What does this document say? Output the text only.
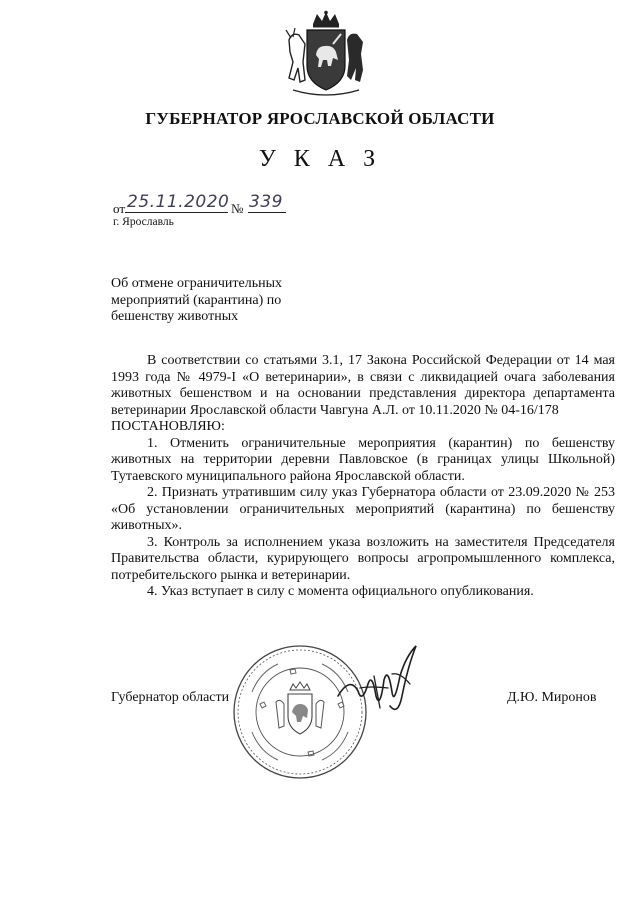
ГУБЕРНАТОР ЯРОСЛАВСКОЙ ОБЛАСТИ
У К А З
от 25.11.2020 № 339
г. Ярославль
Об отмене ограничительных
мероприятий (карантина) по
бешенству животных
В соответствии со статьями 3.1, 17 Закона Российской Федерации от 14 мая 1993 года № 4979-I «О ветеринарии», в связи с ликвидацией очага заболевания животных бешенством и на основании представления директора департамента ветеринарии Ярославской области Чавгуна А.Л. от 10.11.2020 № 04-16/178
ПОСТАНОВЛЯЮ:
1. Отменить ограничительные мероприятия (карантин) по бешенству животных на территории деревни Павловское (в границах улицы Школьной) Тутаевского муниципального района Ярославской области.
2. Признать утратившим силу указ Губернатора области от 23.09.2020 № 253 «Об установлении ограничительных мероприятий (карантина) по бешенству животных».
3. Контроль за исполнением указа возложить на заместителя Председателя Правительства области, курирующего вопросы агропромышленного комплекса, потребительского рынка и ветеринарии.
4. Указ вступает в силу с момента официального опубликования.
Губернатор области	Д.Ю. Миронов
